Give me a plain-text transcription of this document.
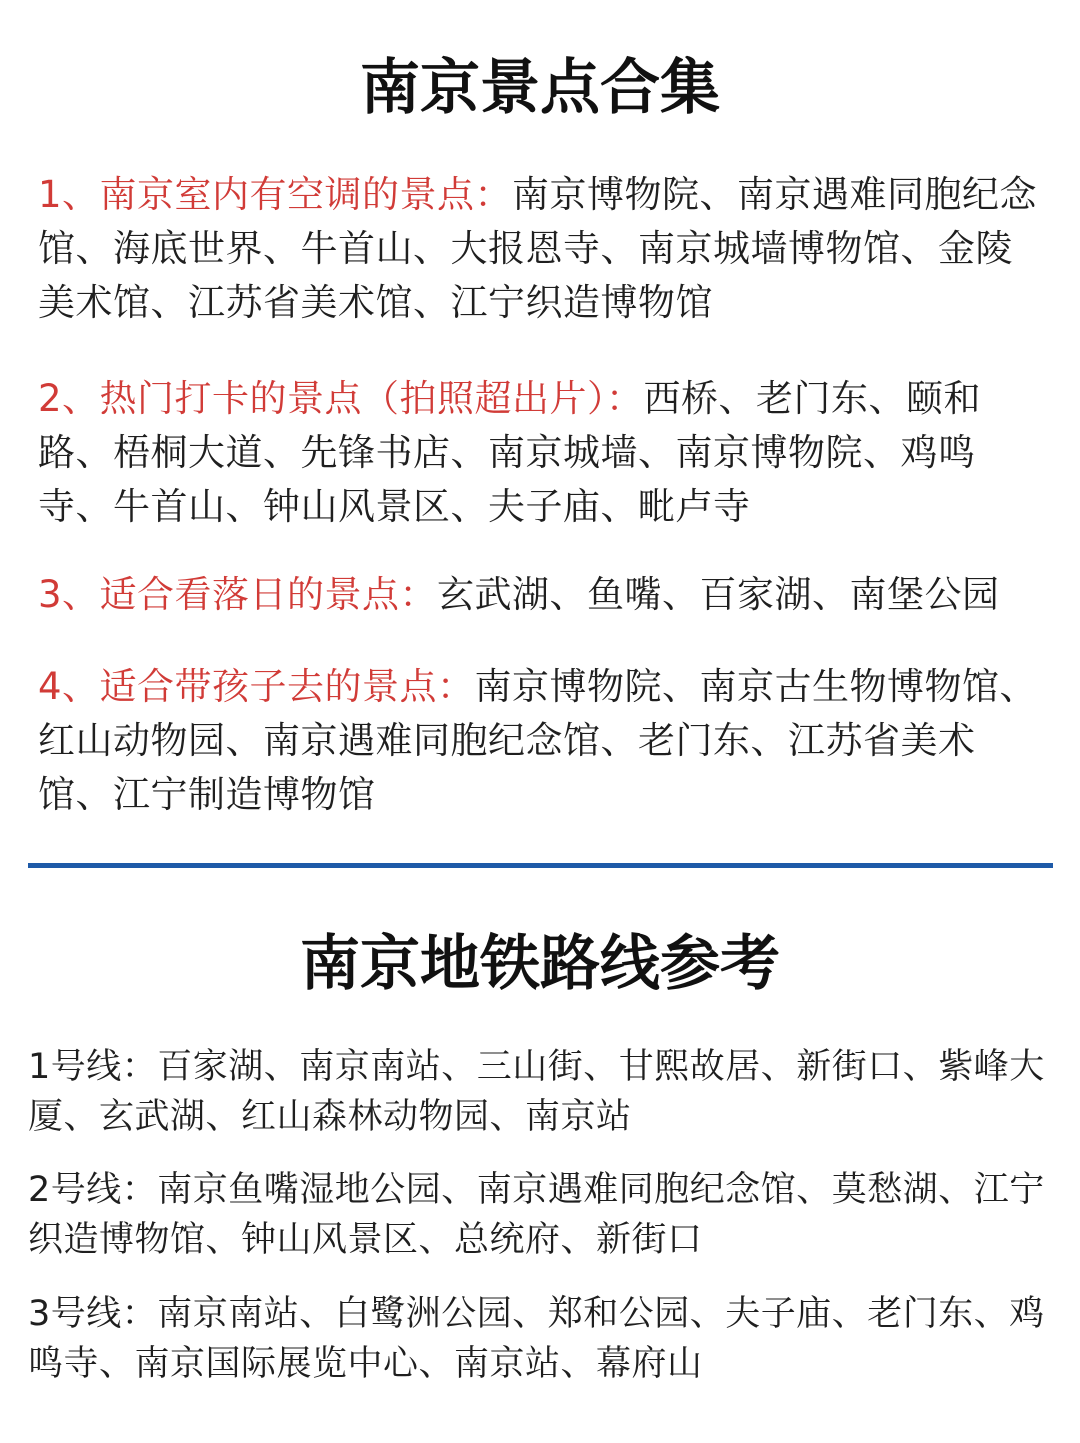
南京景点合集

1、南京室内有空调的景点：南京博物院、南京遇难同胞纪念馆、海底世界、牛首山、大报恩寺、南京城墙博物馆、金陵美术馆、江苏省美术馆、江宁织造博物馆

2、热门打卡的景点（拍照超出片）：西桥、老门东、颐和路、梧桐大道、先锋书店、南京城墙、南京博物院、鸡鸣寺、牛首山、钟山风景区、夫子庙、毗卢寺

3、适合看落日的景点：玄武湖、鱼嘴、百家湖、南堡公园

4、适合带孩子去的景点：南京博物院、南京古生物博物馆、红山动物园、南京遇难同胞纪念馆、老门东、江苏省美术馆、江宁制造博物馆

南京地铁路线参考

1号线：百家湖、南京南站、三山街、甘熙故居、新街口、紫峰大厦、玄武湖、红山森林动物园、南京站

2号线：南京鱼嘴湿地公园、南京遇难同胞纪念馆、莫愁湖、江宁织造博物馆、钟山风景区、总统府、新街口

3号线：南京南站、白鹭洲公园、郑和公园、夫子庙、老门东、鸡鸣寺、南京国际展览中心、南京站、幕府山
